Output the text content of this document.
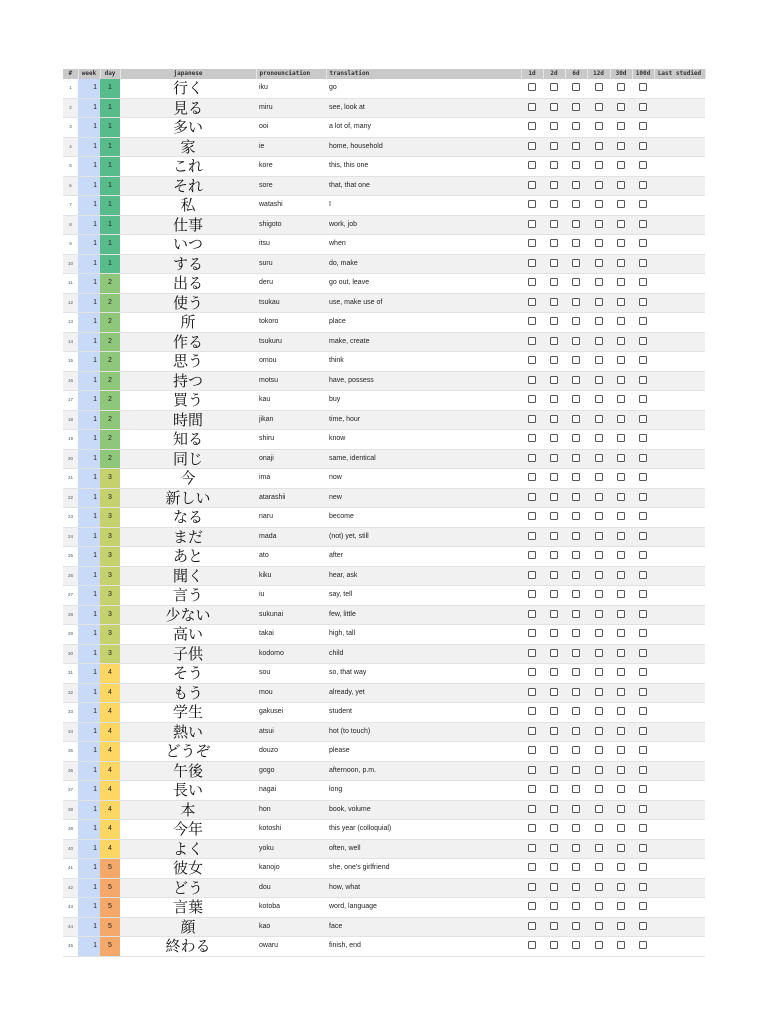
#	week	day	japanese	pronounciation	translation	1d	2d	6d	12d	30d	100d	Last studied
1	1	1	行く	iku	go							
2	1	1	見る	miru	see, look at							
3	1	1	多い	ooi	a lot of, many							
4	1	1	家	ie	home, household							
5	1	1	これ	kore	this, this one							
6	1	1	それ	sore	that, that one							
7	1	1	私	watashi	I							
8	1	1	仕事	shigoto	work, job							
9	1	1	いつ	itsu	when							
10	1	1	する	suru	do, make							
11	1	2	出る	deru	go out, leave							
12	1	2	使う	tsukau	use, make use of							
13	1	2	所	tokoro	place							
14	1	2	作る	tsukuru	make, create							
15	1	2	思う	omou	think							
16	1	2	持つ	motsu	have, possess							
17	1	2	買う	kau	buy							
18	1	2	時間	jikan	time, hour							
19	1	2	知る	shiru	know							
20	1	2	同じ	onaji	same, identical							
21	1	3	今	ima	now							
22	1	3	新しい	atarashii	new							
23	1	3	なる	naru	become							
24	1	3	まだ	mada	(not) yet, still							
25	1	3	あと	ato	after							
26	1	3	聞く	kiku	hear, ask							
27	1	3	言う	iu	say, tell							
28	1	3	少ない	sukunai	few, little							
29	1	3	高い	takai	high, tall							
30	1	3	子供	kodomo	child							
31	1	4	そう	sou	so, that way							
32	1	4	もう	mou	already, yet							
33	1	4	学生	gakusei	student							
34	1	4	熱い	atsui	hot (to touch)							
35	1	4	どうぞ	douzo	please							
36	1	4	午後	gogo	afternoon, p.m.							
37	1	4	長い	nagai	long							
38	1	4	本	hon	book, volume							
39	1	4	今年	kotoshi	this year (colloquial)							
40	1	4	よく	yoku	often, well							
41	1	5	彼女	kanojo	she, one's girlfriend							
42	1	5	どう	dou	how, what							
43	1	5	言葉	kotoba	word, language							
44	1	5	顔	kao	face							
45	1	5	終わる	owaru	finish, end							
